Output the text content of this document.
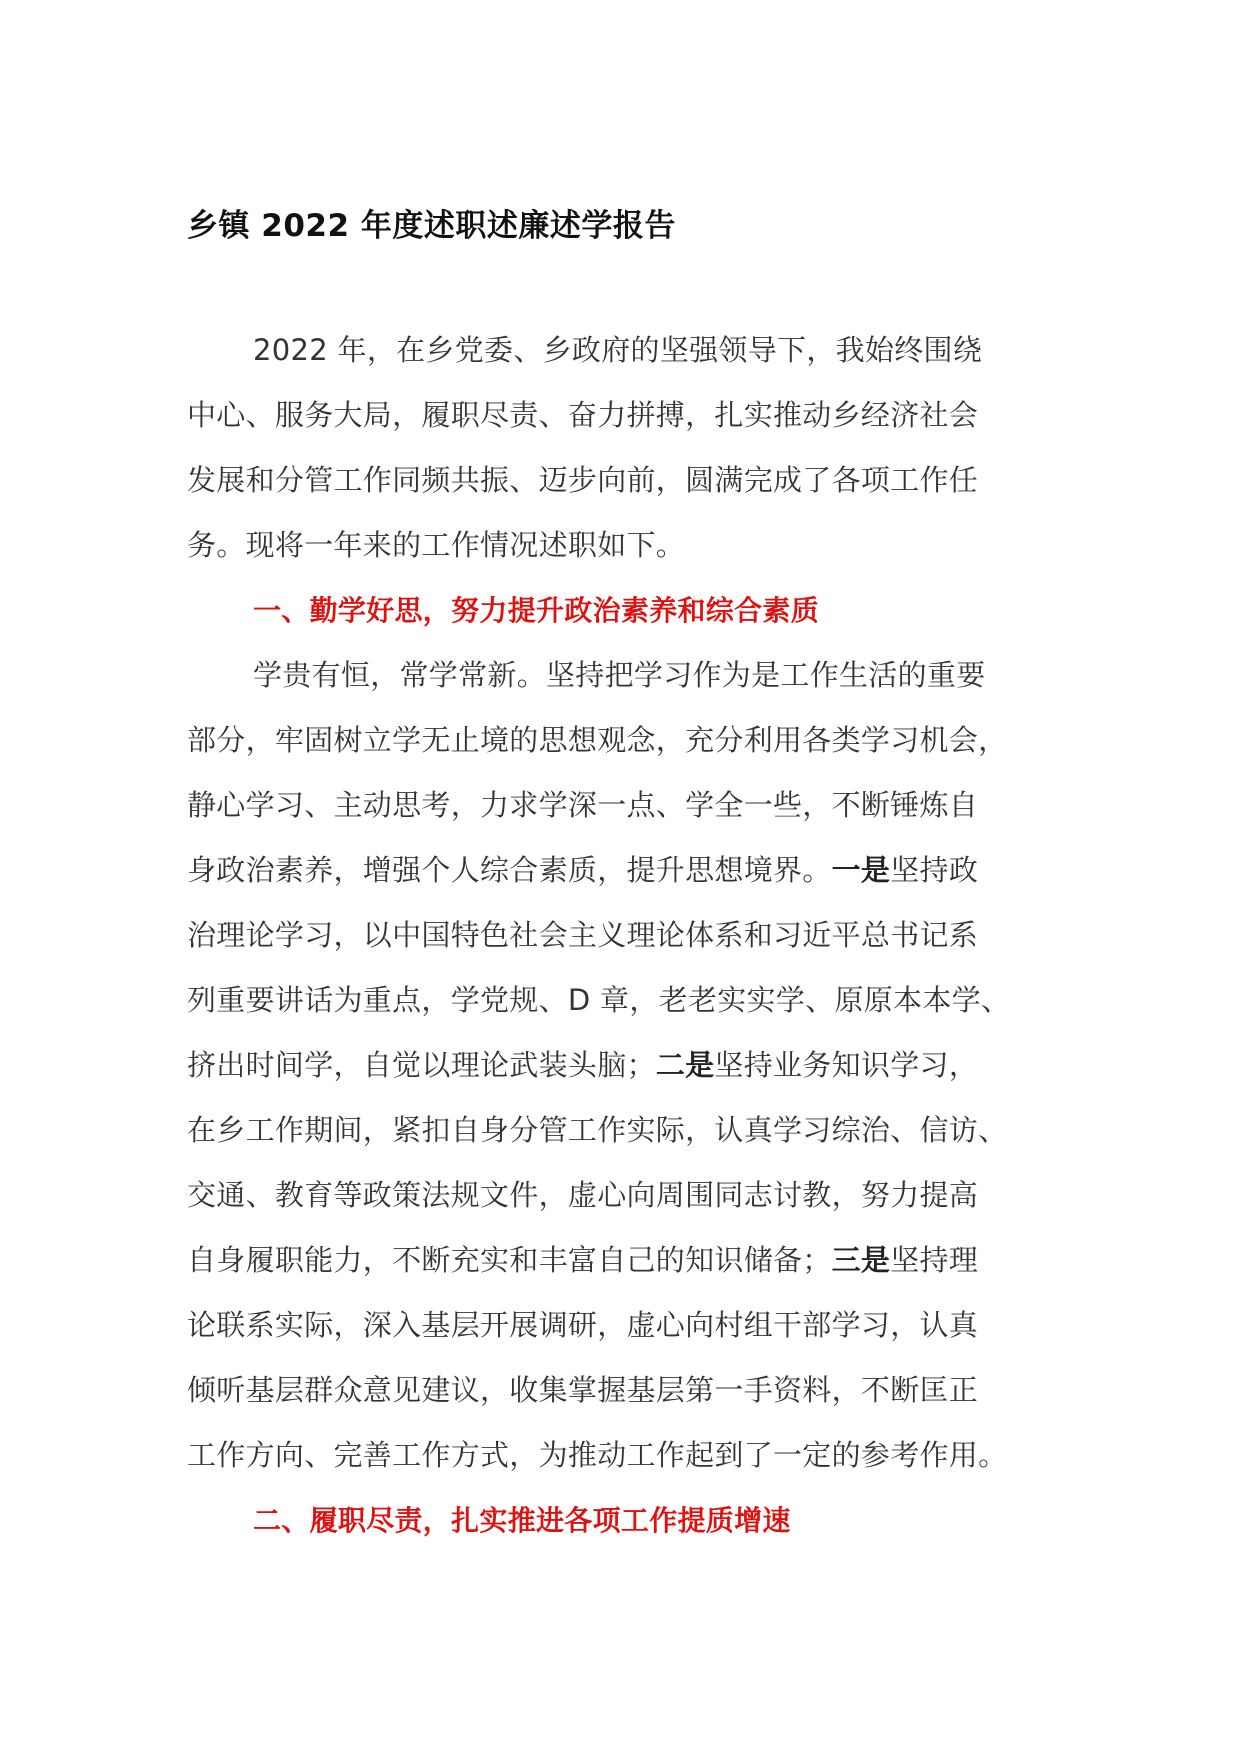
乡镇 2022 年度述职述廉述学报告
2022 年，在乡党委、乡政府的坚强领导下，我始终围绕
中心、服务大局，履职尽责、奋力拼搏，扎实推动乡经济社会
发展和分管工作同频共振、迈步向前，圆满完成了各项工作任
务。现将一年来的工作情况述职如下。
一、勤学好思，努力提升政治素养和综合素质
学贵有恒，常学常新。坚持把学习作为是工作生活的重要
部分，牢固树立学无止境的思想观念，充分利用各类学习机会，
静心学习、主动思考，力求学深一点、学全一些，不断锤炼自
身政治素养，增强个人综合素质，提升思想境界。一是坚持政
治理论学习，以中国特色社会主义理论体系和习近平总书记系
列重要讲话为重点，学党规、D 章，老老实实学、原原本本学、
挤出时间学，自觉以理论武装头脑；二是坚持业务知识学习，
在乡工作期间，紧扣自身分管工作实际，认真学习综治、信访、
交通、教育等政策法规文件，虚心向周围同志讨教，努力提高
自身履职能力，不断充实和丰富自己的知识储备；三是坚持理
论联系实际，深入基层开展调研，虚心向村组干部学习，认真
倾听基层群众意见建议，收集掌握基层第一手资料，不断匡正
工作方向、完善工作方式，为推动工作起到了一定的参考作用。
二、履职尽责，扎实推进各项工作提质增速
